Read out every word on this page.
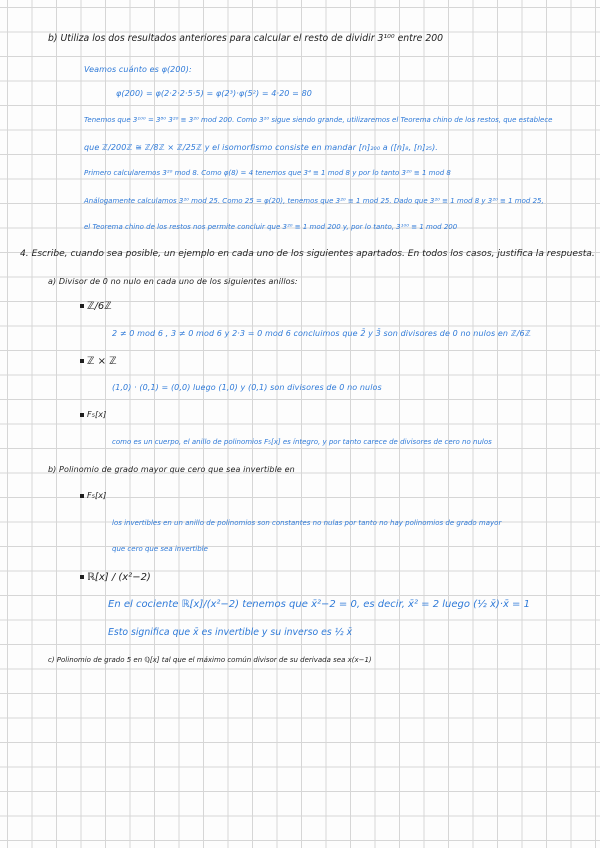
b) Utiliza los dos resultados anteriores para calcular el resto de dividir 3¹⁰⁰ entre 200
Veamos cuánto es φ(200):
φ(200) = φ(2·2·2·5·5) = φ(2³)·φ(5²) = 4·20 = 80
Tenemos que 3¹⁰⁰ = 3⁸⁰ 3²⁰ ≡ 3²⁰ mod 200. Como 3²⁰ sigue siendo grande, utilizaremos el Teorema chino de los restos, que establece
que ℤ/200ℤ ≅ ℤ/8ℤ × ℤ/25ℤ y el isomorfismo consiste en mandar [n]₂₀₀ a ([n]₈, [n]₂₅).
Primero calcularemos 3²⁰ mod 8. Como φ(8) = 4 tenemos que 3⁴ ≡ 1 mod 8 y por lo tanto 3²⁰ ≡ 1 mod 8
Análogamente calculamos 3²⁰ mod 25. Como 25 = φ(20), tenemos que 3²⁰ ≡ 1 mod 25. Dado que 3²⁰ ≡ 1 mod 8 y 3²⁰ ≡ 1 mod 25,
el Teorema chino de los restos nos permite concluir que 3²⁰ ≡ 1 mod 200 y, por lo tanto, 3¹⁰⁰ ≡ 1 mod 200
4. Escribe, cuando sea posible, un ejemplo en cada uno de los siguientes apartados. En todos los casos, justifica la respuesta.
a) Divisor de 0 no nulo en cada uno de los siguientes anillos:
ℤ/6ℤ
2 ≠ 0 mod 6 , 3 ≠ 0 mod 6 y 2·3 = 0 mod 6 concluimos que 2̄ y 3̄ son divisores de 0 no nulos en ℤ/6ℤ
ℤ × ℤ
(1,0) · (0,1) = (0,0) luego (1,0) y (0,1) son divisores de 0 no nulos
F₅[x]
como es un cuerpo, el anillo de polinomios F₅[x] es íntegro, y por tanto carece de divisores de cero no nulos
b) Polinomio de grado mayor que cero que sea invertible en
F₅[x]
los invertibles en un anillo de polinomios son constantes no nulas por tanto no hay polinomios de grado mayor
que cero que sea invertible
ℝ[x] / (x²−2)
En el cociente ℝ[x]/(x²−2) tenemos que x̄²−2 = 0, es decir, x̄² = 2 luego (½ x̄)·x̄ = 1
Esto significa que x̄ es invertible y su inverso es ½ x̄
c) Polinomio de grado 5 en ℚ[x] tal que el máximo común divisor de su derivada sea x(x−1)
